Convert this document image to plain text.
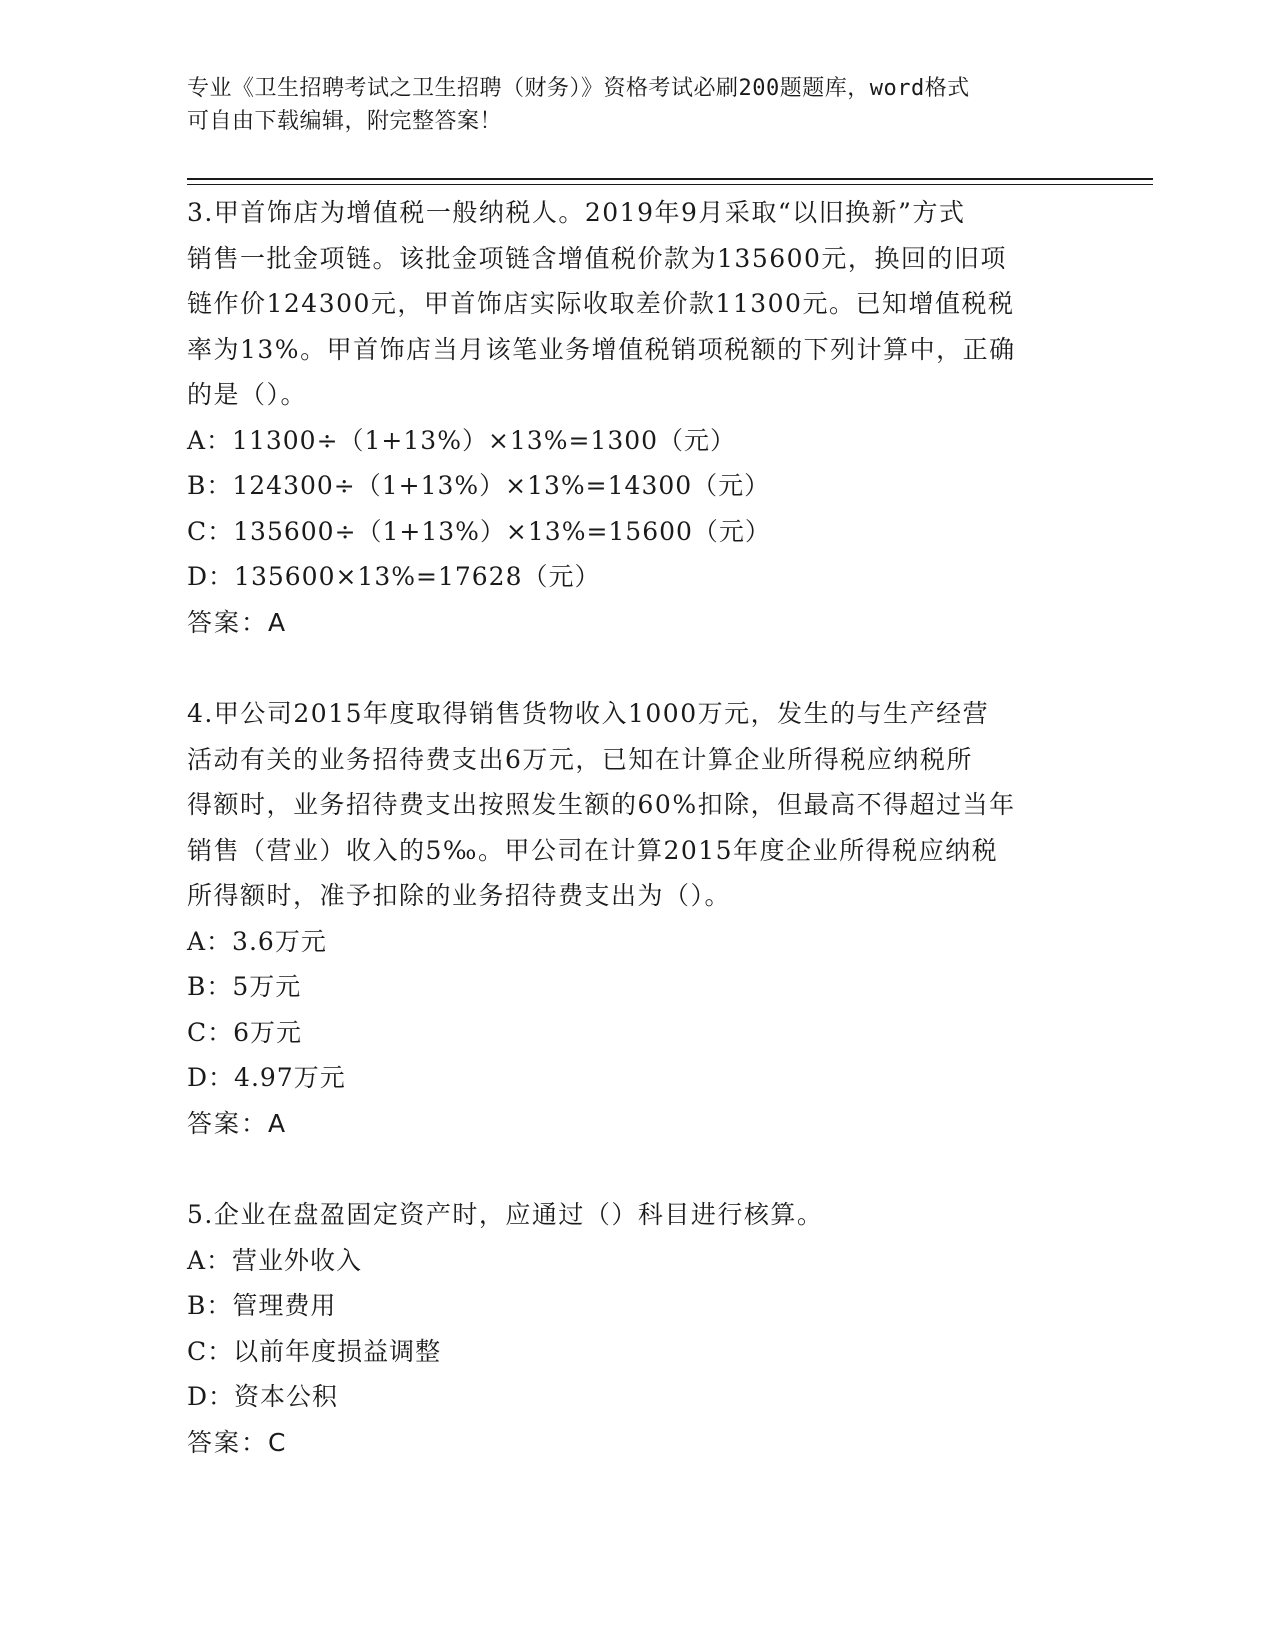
专业《卫生招聘考试之卫生招聘（财务）》资格考试必刷200题题库，word格式
可自由下载编辑，附完整答案！
3.甲首饰店为增值税一般纳税人。2019年9月采取“以旧换新”方式
销售一批金项链。该批金项链含增值税价款为135600元，换回的旧项
链作价124300元，甲首饰店实际收取差价款11300元。已知增值税税
率为13%。甲首饰店当月该笔业务增值税销项税额的下列计算中，正确
的是（）。
A：11300÷（1+13%）×13%=1300（元）
B：124300÷（1+13%）×13%=14300（元）
C：135600÷（1+13%）×13%=15600（元）
D：135600×13%=17628（元）
答案：A
4.甲公司2015年度取得销售货物收入1000万元，发生的与生产经营
活动有关的业务招待费支出6万元，已知在计算企业所得税应纳税所
得额时，业务招待费支出按照发生额的60%扣除，但最高不得超过当年
销售（营业）收入的5‰。甲公司在计算2015年度企业所得税应纳税
所得额时，准予扣除的业务招待费支出为（）。
A：3.6万元
B：5万元
C：6万元
D：4.97万元
答案：A
5.企业在盘盈固定资产时，应通过（）科目进行核算。
A：营业外收入
B：管理费用
C：以前年度损益调整
D：资本公积
答案：C
